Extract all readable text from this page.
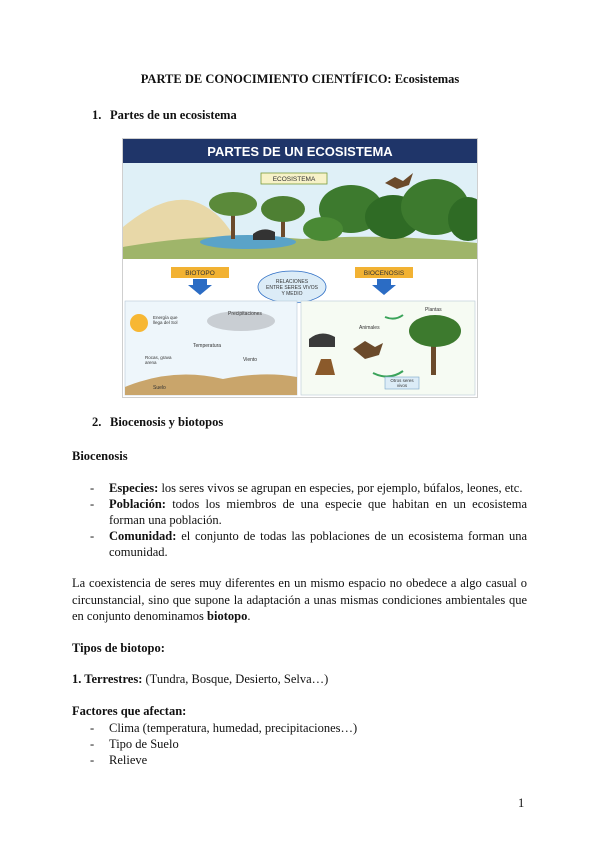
PARTE DE CONOCIMIENTO CIENTÍFICO: Ecosistemas
1. Partes de un ecosistema
PARTES DE UN ECOSISTEMA
ECOSISTEMA
BIOTOPO	BIOCENOSIS
RELACIONES
ENTRE SERES VIVOS
Y MEDIO
Energía que
llega del Sol
Precipitaciones
Temperatura
Rocas, grava
arena	Viento
Suelo
Plantas
Animales
Otros seres
vivos
2. Biocenosis y biotopos
Biocenosis
- Especies: los seres vivos se agrupan en especies, por ejemplo, búfalos, leones, etc.
- Población: todos los miembros de una especie que habitan en un ecosistema forman una población.
- Comunidad: el conjunto de todas las poblaciones de un ecosistema forman una comunidad.

La coexistencia de seres muy diferentes en un mismo espacio no obedece a algo casual o circunstancial, sino que supone la adaptación a unas mismas condiciones ambientales que en conjunto denominamos biotopo.

Tipos de biotopo:
1. Terrestres: (Tundra, Bosque, Desierto, Selva…)
Factores que afectan:
- Clima (temperatura, humedad, precipitaciones…)
- Tipo de Suelo
- Relieve
1
